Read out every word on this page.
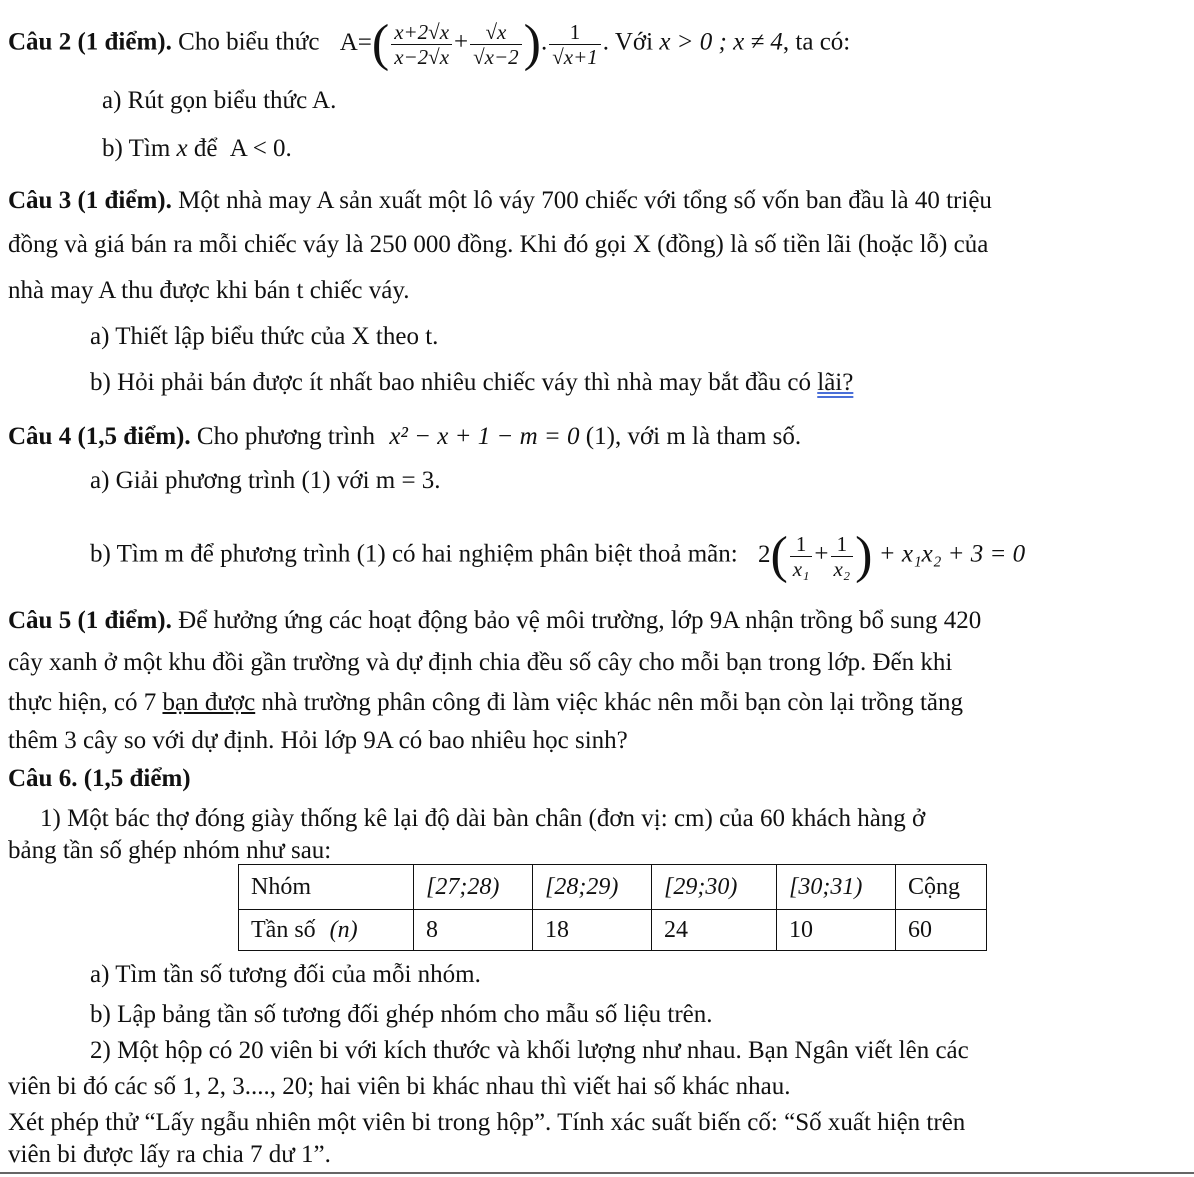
Câu 2 (1 điểm). Cho biểu thức $A=( \frac{x+2√x}{x-2√x} + \frac{√x}{√x-2}$ ). $\frac{1}{√x+1}$ . Với x > 0 ; x ≠ 4, ta có:
a) Rút gọn biểu thức A.
b) Tìm x để A < 0.
Câu 3 (1 điểm). Một nhà may A sản xuất một lô váy 700 chiếc với tổng số vốn ban đầu là 40 triệu
đồng và giá bán ra mỗi chiếc váy là 250 000 đồng. Khi đó gọi X (đồng) là số tiền lãi (hoặc lỗ) của
nhà may A thu được khi bán t chiếc váy.
a) Thiết lập biểu thức của X theo t.
b) Hỏi phải bán được ít nhất bao nhiêu chiếc váy thì nhà may bắt đầu có lãi?
Câu 4 (1,5 điểm). Cho phương trình x² − x + 1 − m = 0 (1), với m là tham số.
a) Giải phương trình (1) với m = 3.
b) Tìm m để phương trình (1) có hai nghiệm phân biệt thoả mãn: $2( \frac{1}{\text{x₁}} + \frac{1}{\text{x₂}}$ ) + x₁x₂ + 3 = 0
Câu 5 (1 điểm). Để hưởng ứng các hoạt động bảo vệ môi trường, lớp 9A nhận trồng bổ sung 420
cây xanh ở một khu đồi gần trường và dự định chia đều số cây cho mỗi bạn trong lớp. Đến khi
thực hiện, có 7 bạn được nhà trường phân công đi làm việc khác nên mỗi bạn còn lại trồng tăng
thêm 3 cây so với dự định. Hỏi lớp 9A có bao nhiêu học sinh?
Câu 6. (1,5 điểm)
1) Một bác thợ đóng giày thống kê lại độ dài bàn chân (đơn vị: cm) của 60 khách hàng ở
bảng tần số ghép nhóm như sau:
Nhóm	[27;28)	[28;29)	[29;30)	[30;31)	Cộng
Tần số (n)	8	18	24	10	60
a) Tìm tần số tương đối của mỗi nhóm.
b) Lập bảng tần số tương đối ghép nhóm cho mẫu số liệu trên.
2) Một hộp có 20 viên bi với kích thước và khối lượng như nhau. Bạn Ngân viết lên các
viên bi đó các số 1, 2, 3...., 20; hai viên bi khác nhau thì viết hai số khác nhau.
Xét phép thử “Lấy ngẫu nhiên một viên bi trong hộp”. Tính xác suất biến cố: “Số xuất hiện trên
viên bi được lấy ra chia 7 dư 1”.
